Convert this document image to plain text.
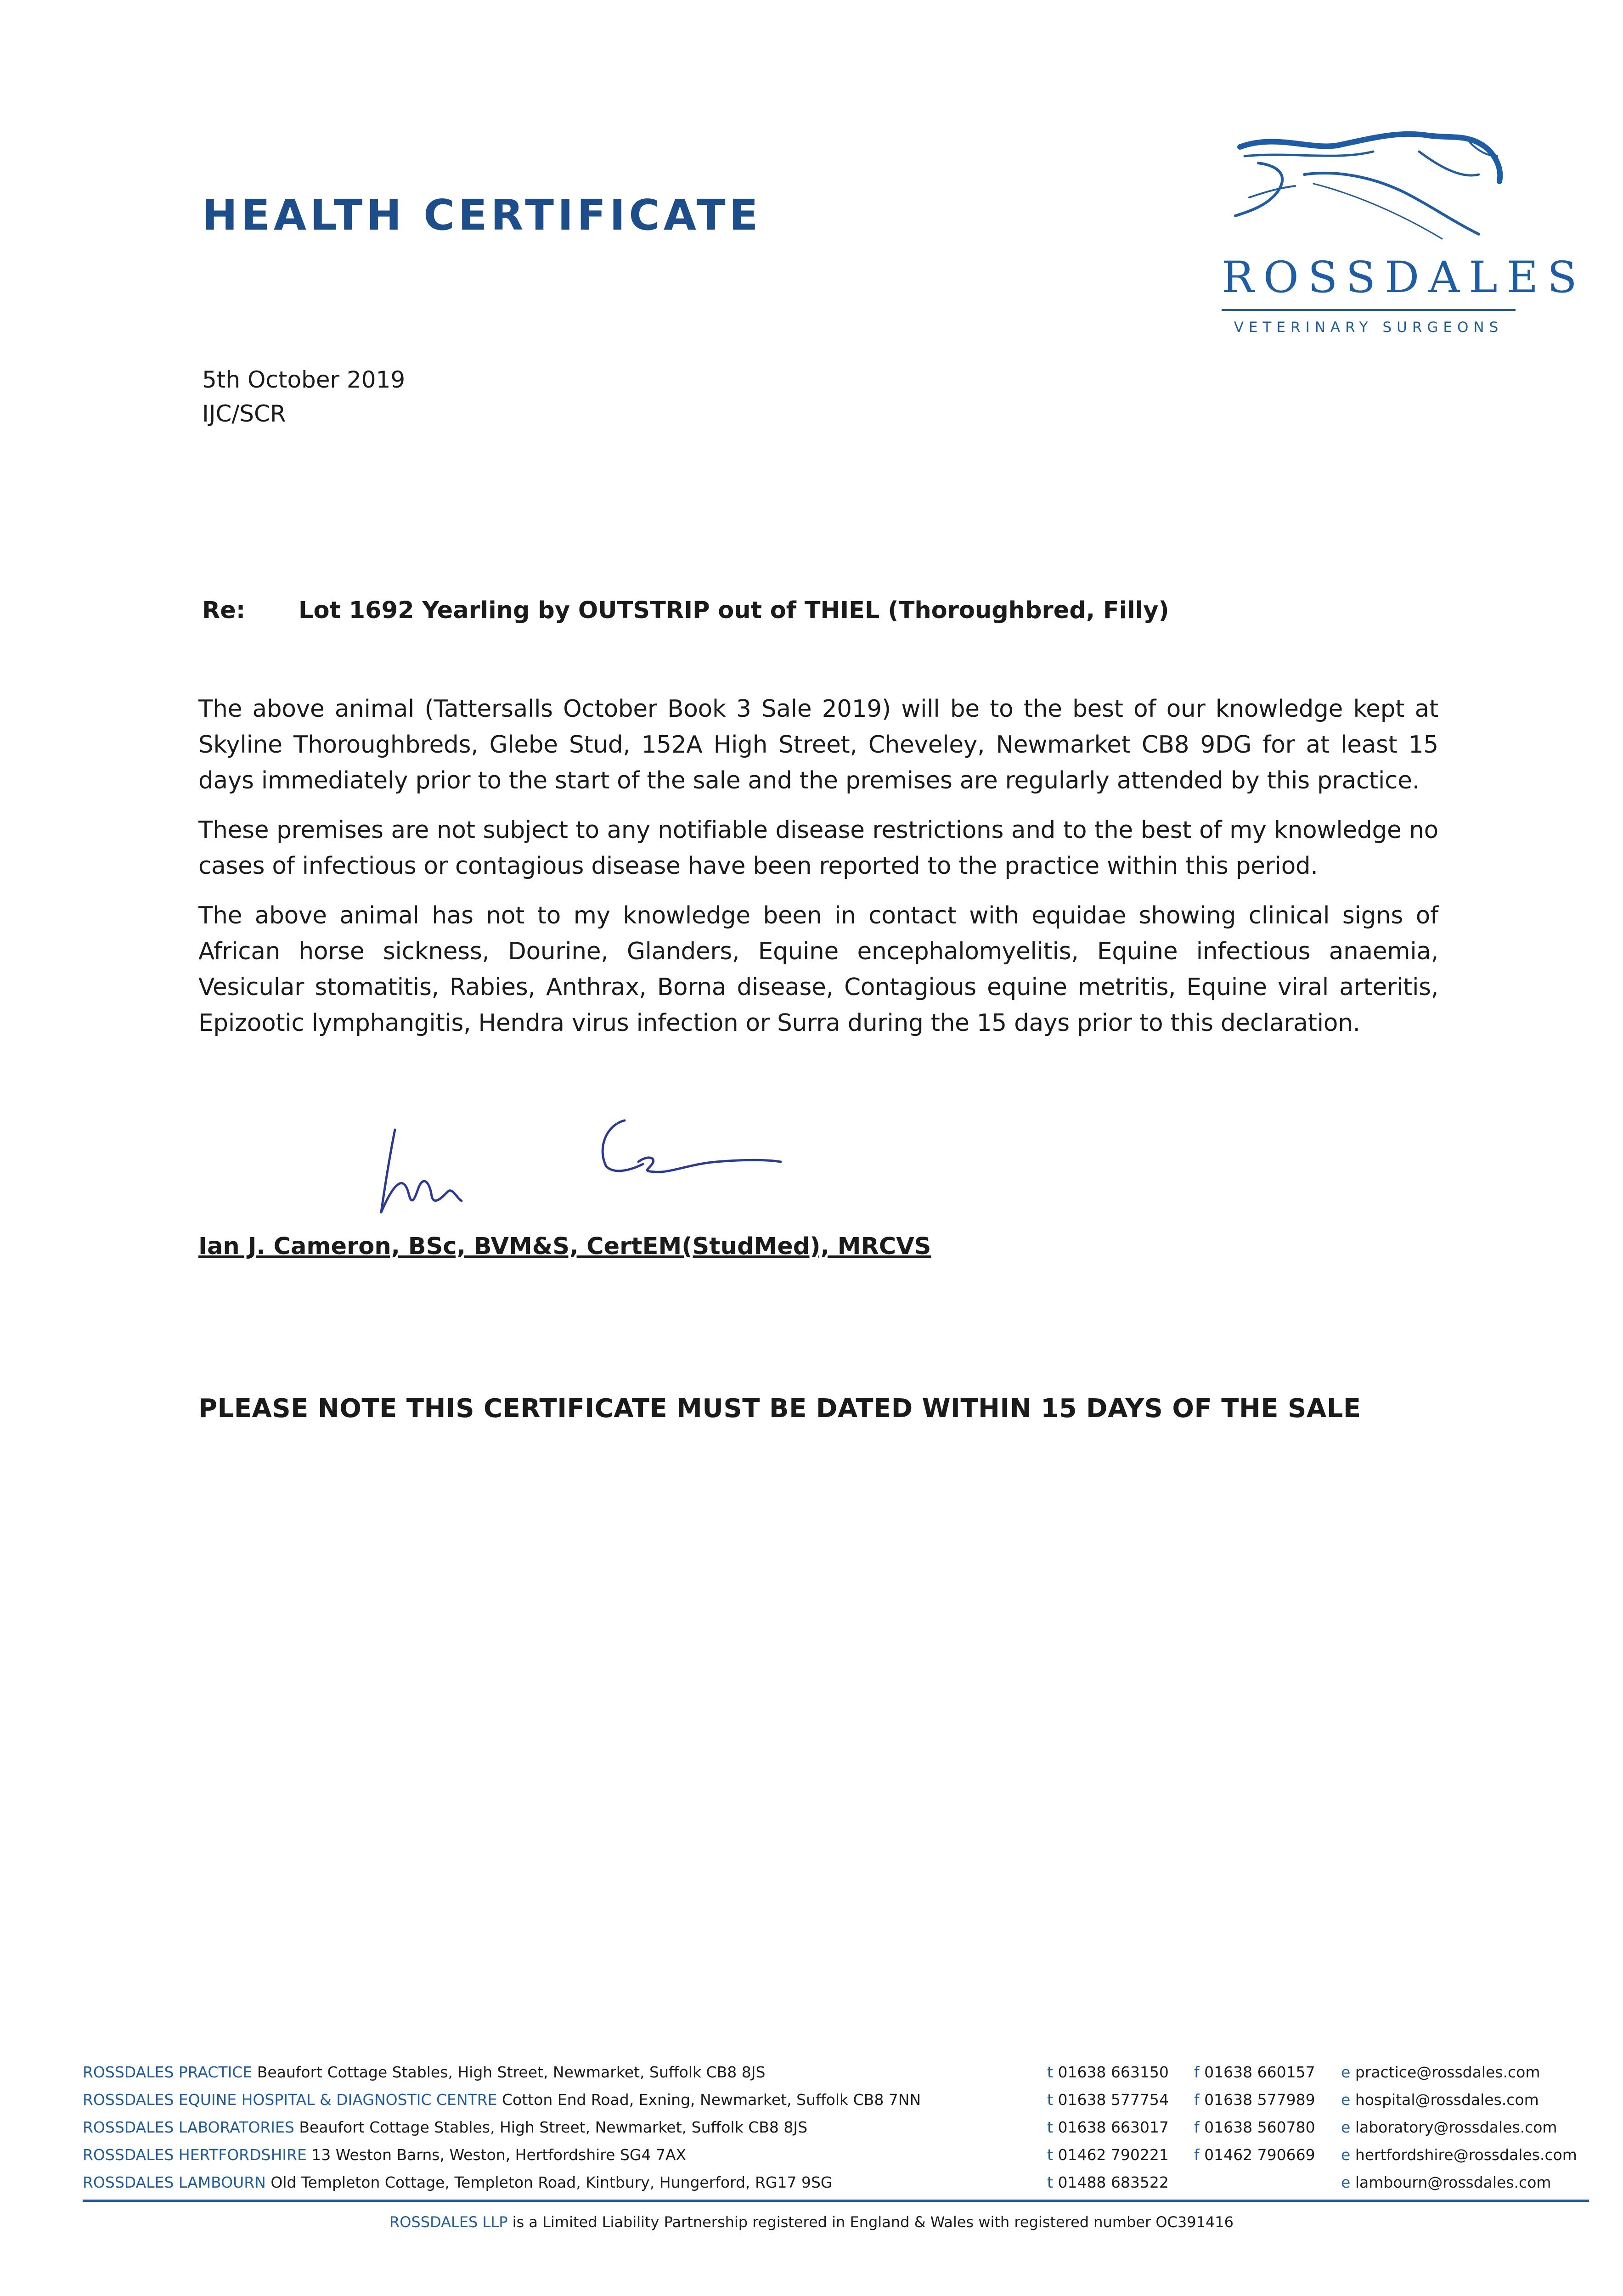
HEALTH CERTIFICATE
ROSSDALES
VETERINARY SURGEONS
5th October 2019
IJC/SCR
Re: Lot 1692 Yearling by OUTSTRIP out of THIEL (Thoroughbred, Filly)

The above animal (Tattersalls October Book 3 Sale 2019) will be to the best of our knowledge kept at Skyline Thoroughbreds, Glebe Stud, 152A High Street, Cheveley, Newmarket CB8 9DG for at least 15 days immediately prior to the start of the sale and the premises are regularly attended by this practice.

These premises are not subject to any notifiable disease restrictions and to the best of my knowledge no cases of infectious or contagious disease have been reported to the practice within this period.

The above animal has not to my knowledge been in contact with equidae showing clinical signs of African horse sickness, Dourine, Glanders, Equine encephalomyelitis, Equine infectious anaemia, Vesicular stomatitis, Rabies, Anthrax, Borna disease, Contagious equine metritis, Equine viral arteritis, Epizootic lymphangitis, Hendra virus infection or Surra during the 15 days prior to this declaration.

Ian J. Cameron, BSc, BVM&S, CertEM(StudMed), MRCVS
PLEASE NOTE THIS CERTIFICATE MUST BE DATED WITHIN 15 DAYS OF THE SALE
ROSSDALES PRACTICE Beaufort Cottage Stables, High Street, Newmarket, Suffolk CB8 8JS	t 01638 663150 f 01638 660157 e practice@rossdales.com
ROSSDALES EQUINE HOSPITAL & DIAGNOSTIC CENTRE Cotton End Road, Exning, Newmarket, Suffolk CB8 7NN	t 01638 577754 f 01638 577989 e hospital@rossdales.com
ROSSDALES LABORATORIES Beaufort Cottage Stables, High Street, Newmarket, Suffolk CB8 8JS	t 01638 663017 f 01638 560780 e laboratory@rossdales.com
ROSSDALES HERTFORDSHIRE 13 Weston Barns, Weston, Hertfordshire SG4 7AX	t 01462 790221 f 01462 790669 e hertfordshire@rossdales.com
ROSSDALES LAMBOURN Old Templeton Cottage, Templeton Road, Kintbury, Hungerford, RG17 9SG	t 01488 683522	e lambourn@rossdales.com
ROSSDALES LLP is a Limited Liability Partnership registered in England & Wales with registered number OC391416
